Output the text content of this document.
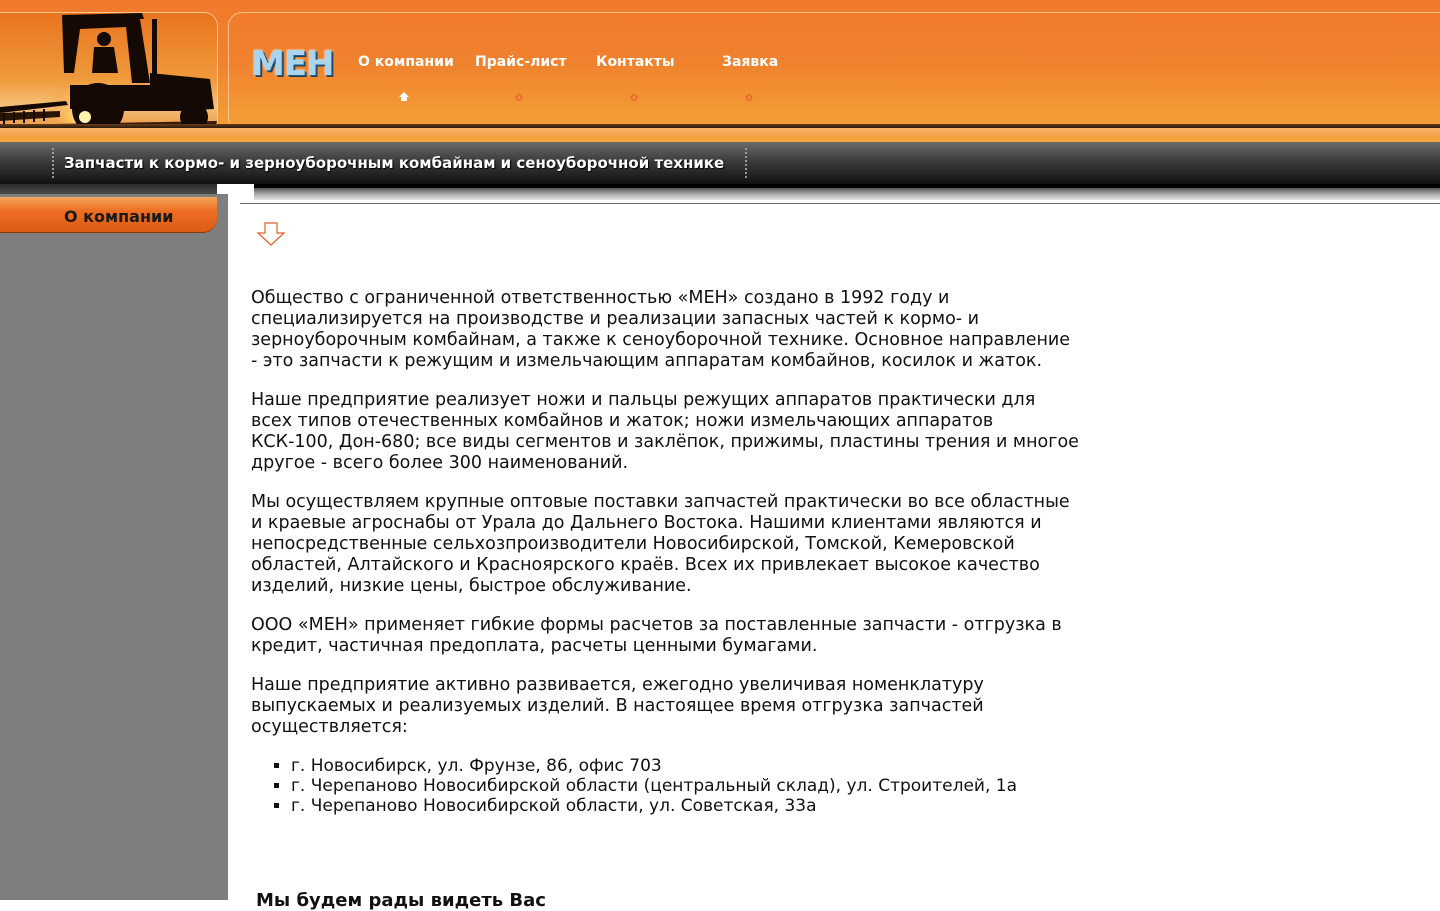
МЕН О компании Прайс-лист Контакты	Заявка
Запчасти к кормо- и зерноуборочным комбайнам и сеноуборочной технике
О компании

Общество с ограниченной ответственностью «МЕН» создано в 1992 году и специализируется на производстве и реализации запасных частей к кормо- и зерноуборочным комбайнам, а также к сеноуборочной технике. Основное направление - это запчасти к режущим и измельчающим аппаратам комбайнов, косилок и жаток.

Наше предприятие реализует ножи и пальцы режущих аппаратов практически для всех типов отечественных комбайнов и жаток; ножи измельчающих аппаратов КСК-100, Дон-680; все виды сегментов и заклёпок, прижимы, пластины трения и многое другое - всего более 300 наименований.

Мы осуществляем крупные оптовые поставки запчастей практически во все областные и краевые агроснабы от Урала до Дальнего Востока. Нашими клиентами являются и непосредственные сельхозпроизводители Новосибирской, Томской, Кемеровской областей, Алтайского и Красноярского краёв. Всех их привлекает высокое качество изделий, низкие цены, быстрое обслуживание.

ООО «МЕН» применяет гибкие формы расчетов за поставленные запчасти - отгрузка в кредит, частичная предоплата, расчеты ценными бумагами.

Наше предприятие активно развивается, ежегодно увеличивая номенклатуру выпускаемых и реализуемых изделий. В настоящее время отгрузка запчастей осуществляется:

▪ г. Новосибирск, ул. Фрунзе, 86, офис 703
▪ г. Черепаново Новосибирской области (центральный склад), ул. Строителей, 1а
▪ г. Черепаново Новосибирской области, ул. Советская, 33а
Мы будем рады видеть Вас
